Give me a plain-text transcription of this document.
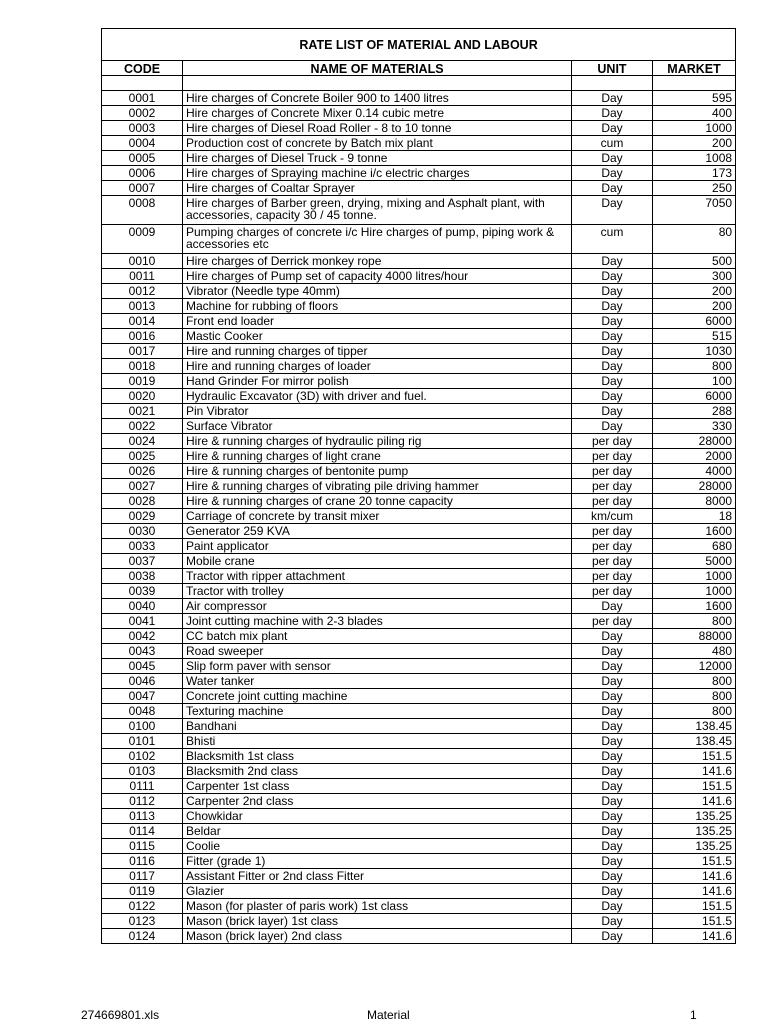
RATE LIST OF MATERIAL AND LABOUR			
CODE	NAME OF MATERIALS	UNIT	MARKET

0001	Hire charges of Concrete Boiler 900 to 1400 litres	Day	595
0002	Hire charges of Concrete Mixer 0.14 cubic metre	Day	400
0003	Hire charges of Diesel Road Roller - 8 to 10 tonne	Day	1000
0004	Production cost of concrete by Batch mix plant	cum	200
0005	Hire charges of Diesel Truck - 9 tonne	Day	1008
0006	Hire charges of Spraying machine i/c electric charges	Day	173
0007	Hire charges of Coaltar Sprayer	Day	250
0008	Hire charges of Barber green, drying, mixing and Asphalt plant, with accessories, capacity 30 / 45 tonne.	Day	7050
0009	Pumping charges of concrete i/c Hire charges of pump, piping work & accessories etc	cum	80
0010	Hire charges of Derrick monkey rope	Day	500
0011	Hire charges of Pump set of capacity 4000 litres/hour	Day	300
0012	Vibrator (Needle type 40mm)	Day	200
0013	Machine for rubbing of floors	Day	200
0014	Front end loader	Day	6000
0016	Mastic Cooker	Day	515
0017	Hire and running charges of tipper	Day	1030
0018	Hire and running charges of loader	Day	800
0019	Hand Grinder For mirror polish	Day	100
0020	Hydraulic Excavator (3D) with driver and fuel.	Day	6000
0021	Pin Vibrator	Day	288
0022	Surface Vibrator	Day	330
0024	Hire & running charges of hydraulic piling rig	per day	28000
0025	Hire & running charges of light crane	per day	2000
0026	Hire & running charges of bentonite pump	per day	4000
0027	Hire & running charges of vibrating pile driving hammer	per day	28000
0028	Hire & running charges of crane 20 tonne capacity	per day	8000
0029	Carriage of concrete by transit mixer	km/cum	18
0030	Generator 259 KVA	per day	1600
0033	Paint applicator	per day	680
0037	Mobile crane	per day	5000
0038	Tractor with ripper attachment	per day	1000
0039	Tractor with trolley	per day	1000
0040	Air compressor	Day	1600
0041	Joint cutting machine with 2-3 blades	per day	800
0042	CC batch mix plant	Day	88000
0043	Road sweeper	Day	480
0045	Slip form paver with sensor	Day	12000
0046	Water tanker	Day	800
0047	Concrete joint cutting machine	Day	800
0048	Texturing machine	Day	800
0100	Bandhani	Day	138.45
0101	Bhisti	Day	138.45
0102	Blacksmith 1st class	Day	151.5
0103	Blacksmith 2nd class	Day	141.6
0111	Carpenter 1st class	Day	151.5
0112	Carpenter 2nd class	Day	141.6
0113	Chowkidar	Day	135.25
0114	Beldar	Day	135.25
0115	Coolie	Day	135.25
0116	Fitter (grade 1)	Day	151.5
0117	Assistant Fitter or 2nd class Fitter	Day	141.6
0119	Glazier	Day	141.6
0122	Mason (for plaster of paris work) 1st class	Day	151.5
0123	Mason (brick layer) 1st class	Day	151.5
0124	Mason (brick layer) 2nd class	Day	141.6
274669801.xls	Material	1
